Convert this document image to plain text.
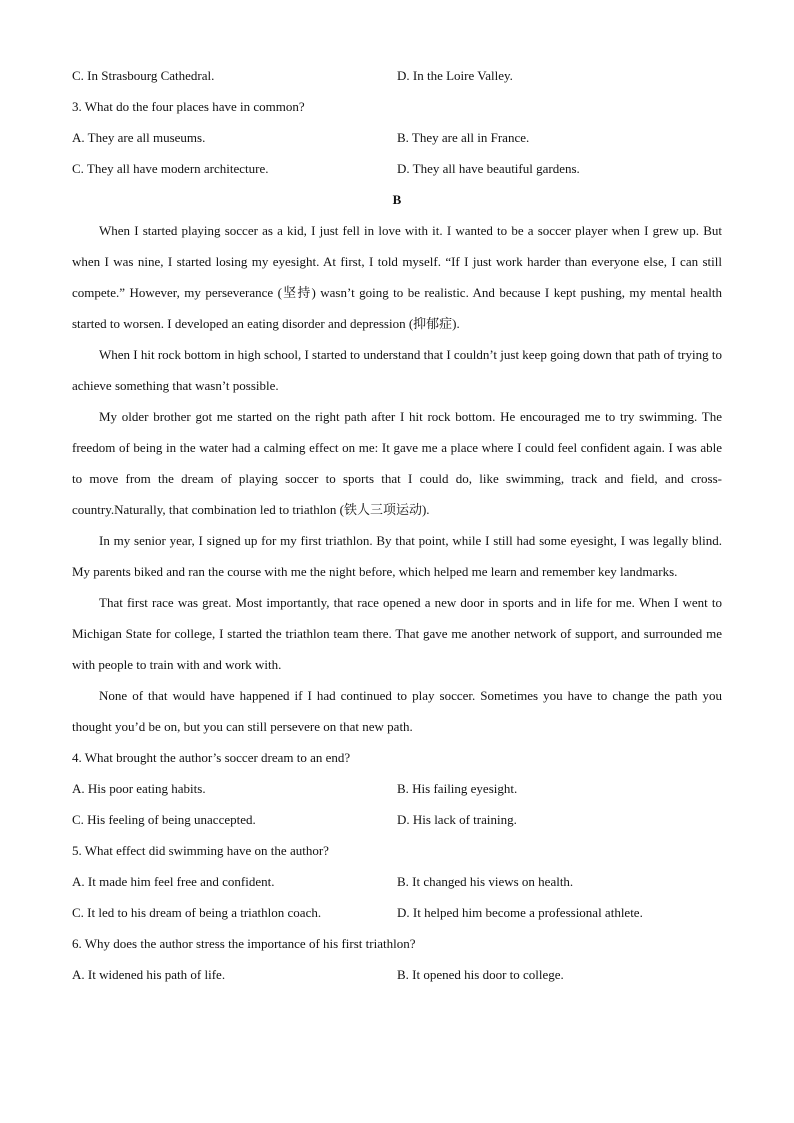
C. In Strasbourg Cathedral.	D. In the Loire Valley.
3. What do the four places have in common?
A. They are all museums.	B. They are all in France.
C. They all have modern architecture.	D. They all have beautiful gardens.
B

When I started playing soccer as a kid, I just fell in love with it. I wanted to be a soccer player when I grew up. But when I was nine, I started losing my eyesight. At first, I told myself. “If I just work harder than everyone else, I can still compete.” However, my perseverance (坚持) wasn’t going to be realistic. And because I kept pushing, my mental health started to worsen. I developed an eating disorder and depression (抑郁症).

When I hit rock bottom in high school, I started to understand that I couldn’t just keep going down that path of trying to achieve something that wasn’t possible.

My older brother got me started on the right path after I hit rock bottom. He encouraged me to try swimming. The freedom of being in the water had a calming effect on me: It gave me a place where I could feel confident again. I was able to move from the dream of playing soccer to sports that I could do, like swimming, track and field, and cross-country.Naturally, that combination led to triathlon (铁人三项运动).

In my senior year, I signed up for my first triathlon. By that point, while I still had some eyesight, I was legally blind. My parents biked and ran the course with me the night before, which helped me learn and remember key landmarks.

That first race was great. Most importantly, that race opened a new door in sports and in life for me. When I went to Michigan State for college, I started the triathlon team there. That gave me another network of support, and surrounded me with people to train with and work with.

None of that would have happened if I had continued to play soccer. Sometimes you have to change the path you thought you’d be on, but you can still persevere on that new path.

4. What brought the author’s soccer dream to an end?
A. His poor eating habits.	B. His failing eyesight.
C. His feeling of being unaccepted.	D. His lack of training.
5. What effect did swimming have on the author?
A. It made him feel free and confident.	B. It changed his views on health.
C. It led to his dream of being a triathlon coach.	D. It helped him become a professional athlete.
6. Why does the author stress the importance of his first triathlon?
A. It widened his path of life.	B. It opened his door to college.
